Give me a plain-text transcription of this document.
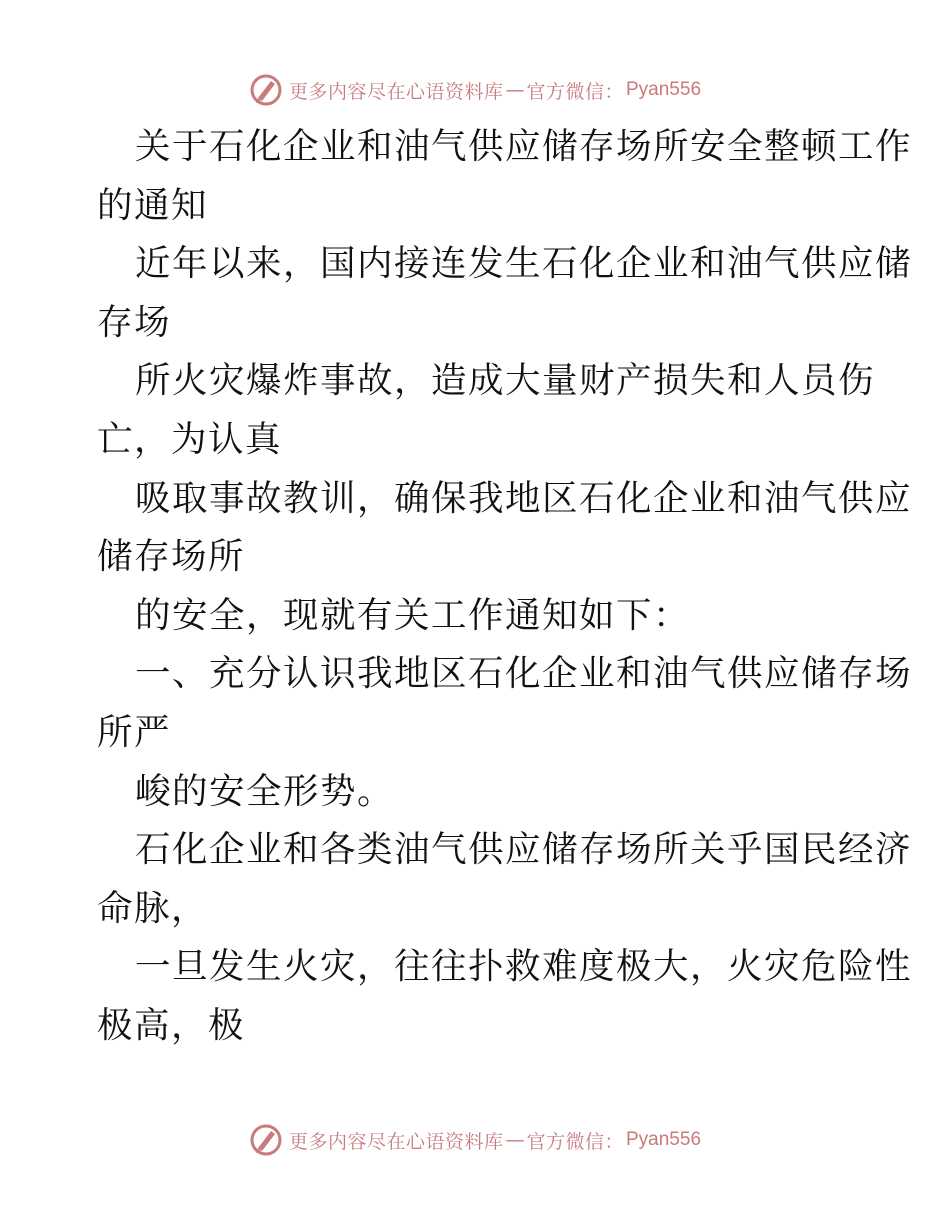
更多内容尽在心语资料库 — 官方微信： Pyan556
关于石化企业和油气供应储存场所安全整顿工作
的通知
近年以来，国内接连发生石化企业和油气供应储
存场
所火灾爆炸事故，造成大量财产损失和人员伤
亡，为认真
吸取事故教训，确保我地区石化企业和油气供应
储存场所
的安全，现就有关工作通知如下：
一、充分认识我地区石化企业和油气供应储存场
所严
峻的安全形势。
石化企业和各类油气供应储存场所关乎国民经济
命脉，
一旦发生火灾，往往扑救难度极大，火灾危险性
极高，极
更多内容尽在心语资料库 — 官方微信： Pyan556
